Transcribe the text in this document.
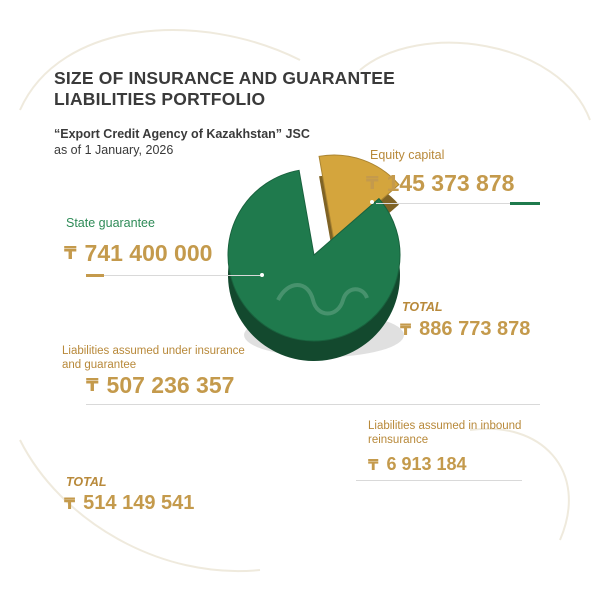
SIZE OF INSURANCE AND GUARANTEE
LIABILITIES PORTFOLIO
“Export Credit Agency of Kazakhstan” JSC
as of 1 January, 2026	Equity capital
₸ 145 373 878
State guarantee
₸ 741 400 000
TOTAL
₸ 886 773 878
Liabilities assumed under insurance and guarantee
₸ 507 236 357
Liabilities assumed in inbound reinsurance
₸ 6 913 184
TOTAL
₸ 514 149 541
